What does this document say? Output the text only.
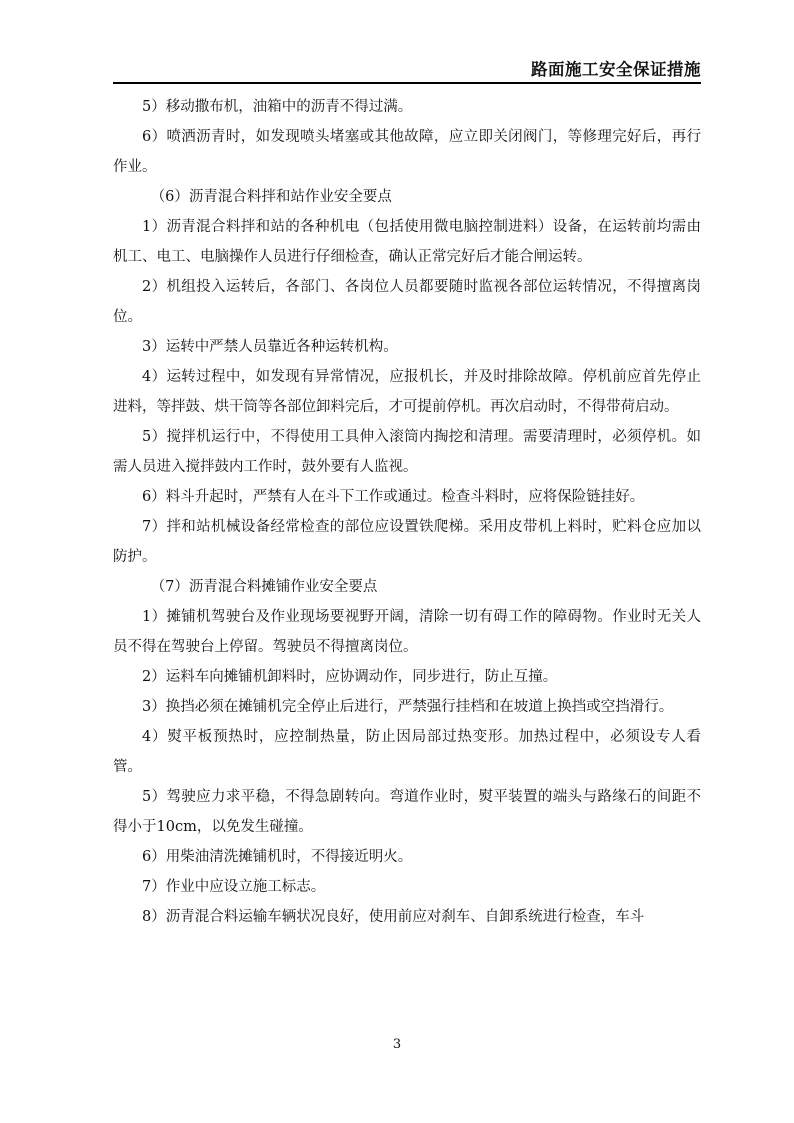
路面施工安全保证措施

5）移动撒布机，油箱中的沥青不得过满。

6）喷洒沥青时，如发现喷头堵塞或其他故障，应立即关闭阀门，等修理完好后，再行作业。

（6）沥青混合料拌和站作业安全要点

1）沥青混合料拌和站的各种机电（包括使用微电脑控制进料）设备，在运转前均需由机工、电工、电脑操作人员进行仔细检查，确认正常完好后才能合闸运转。

2）机组投入运转后，各部门、各岗位人员都要随时监视各部位运转情况，不得擅离岗位。

3）运转中严禁人员靠近各种运转机构。

4）运转过程中，如发现有异常情况，应报机长，并及时排除故障。停机前应首先停止进料，等拌鼓、烘干筒等各部位卸料完后，才可提前停机。再次启动时，不得带荷启动。

5）搅拌机运行中，不得使用工具伸入滚筒内掏挖和清理。需要清理时，必须停机。如需人员进入搅拌鼓内工作时，鼓外要有人监视。

6）料斗升起时，严禁有人在斗下工作或通过。检查斗料时，应将保险链挂好。

7）拌和站机械设备经常检查的部位应设置铁爬梯。采用皮带机上料时，贮料仓应加以防护。

（7）沥青混合料摊铺作业安全要点

1）摊铺机驾驶台及作业现场要视野开阔，清除一切有碍工作的障碍物。作业时无关人员不得在驾驶台上停留。驾驶员不得擅离岗位。

2）运料车向摊铺机卸料时，应协调动作，同步进行，防止互撞。

3）换挡必须在摊铺机完全停止后进行，严禁强行挂档和在坡道上换挡或空挡滑行。

4）熨平板预热时，应控制热量，防止因局部过热变形。加热过程中，必须设专人看管。

5）驾驶应力求平稳，不得急剧转向。弯道作业时，熨平装置的端头与路缘石的间距不得小于10cm，以免发生碰撞。

6）用柴油清洗摊铺机时，不得接近明火。

7）作业中应设立施工标志。

8）沥青混合料运输车辆状况良好，使用前应对刹车、自卸系统进行检查，车斗

3
